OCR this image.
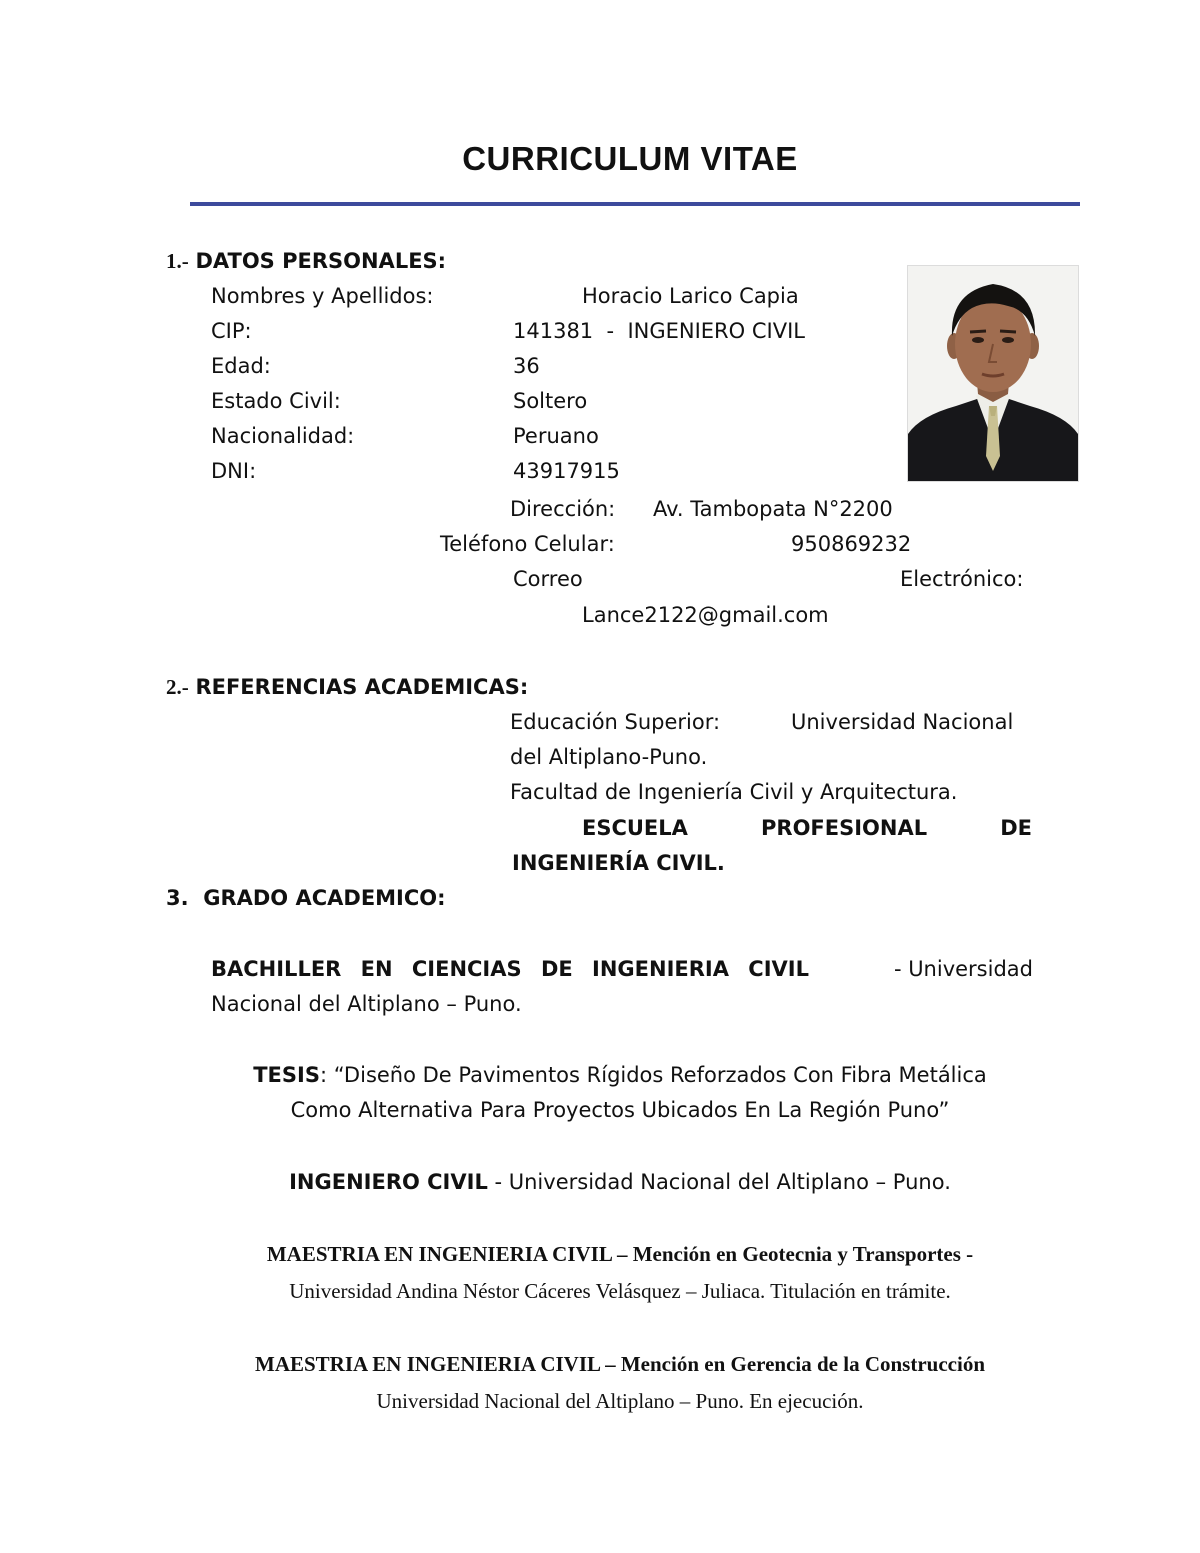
CURRICULUM VITAE
1.- DATOS PERSONALES:
Nombres y Apellidos:	Horacio Larico Capia
CIP:	141381  -  INGENIERO CIVIL
Edad:	36
Estado Civil:	Soltero
Nacionalidad:	Peruano
DNI:	43917915
Dirección: Av. Tambopata N°2200
Teléfono Celular:	950869232
Correo	Electrónico:
Lance2122@gmail.com
2.- REFERENCIAS ACADEMICAS:
Educación Superior:	Universidad Nacional
del Altiplano-Puno.
Facultad de Ingeniería Civil y Arquitectura.
ESCUELA PROFESIONAL DE
INGENIERÍA CIVIL.
3.  GRADO ACADEMICO:
BACHILLER EN CIENCIAS DE INGENIERIA CIVIL	- Universidad
Nacional del Altiplano – Puno.
TESIS: “Diseño De Pavimentos Rígidos Reforzados Con Fibra Metálica
Como Alternativa Para Proyectos Ubicados En La Región Puno”
INGENIERO CIVIL - Universidad Nacional del Altiplano – Puno.
MAESTRIA EN INGENIERIA CIVIL – Mención en Geotecnia y Transportes -
Universidad Andina Néstor Cáceres Velásquez – Juliaca. Titulación en trámite.
MAESTRIA EN INGENIERIA CIVIL – Mención en Gerencia de la Construcción
Universidad Nacional del Altiplano – Puno. En ejecución.
